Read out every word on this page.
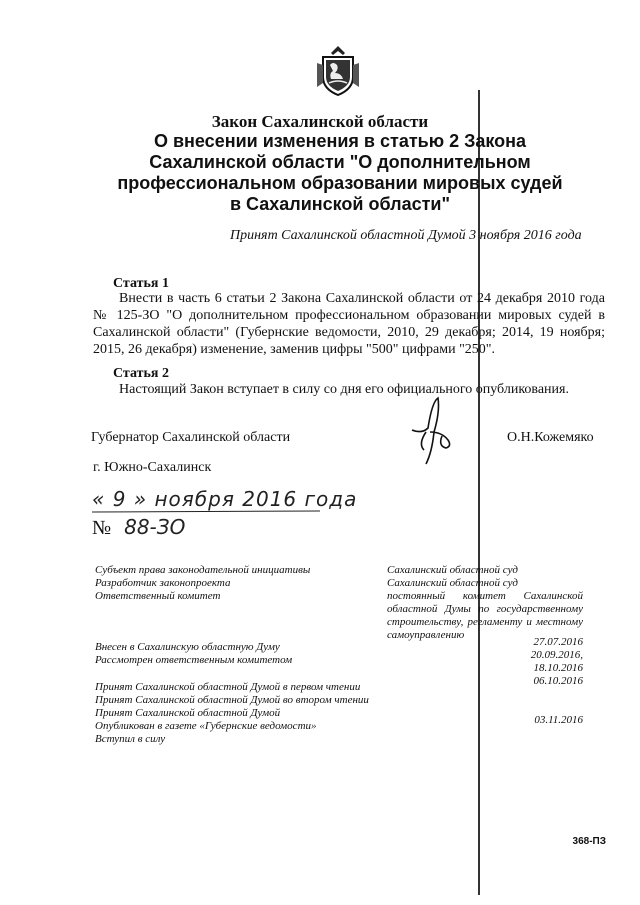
Закон Сахалинской области
О внесении изменения в статью 2 Закона
Сахалинской области "О дополнительном
профессиональном образовании мировых судей
в Сахалинской области"
Принят Сахалинской областной Думой 3 ноября 2016 года
Статья 1
Внести в часть 6 статьи 2 Закона Сахалинской области от 24 декабря 2010 года № 125-ЗО "О дополнительном профессиональном образовании мировых судей в Сахалинской области" (Губернские ведомости, 2010, 29 декабря; 2014, 19 ноября; 2015, 26 декабря) изменение, заменив цифры "500" цифрами "250".
Статья 2
Настоящий Закон вступает в силу со дня его официального опубликования.
Губернатор Сахалинской области	О.Н.Кожемяко
г. Южно-Сахалинск
« 9 » ноября 2016 года
№ 88-ЗО
Субъект права законодательной инициативы
Разработчик законопроекта
Ответственный комитет
Сахалинский областной суд
Сахалинский областной суд
постоянный комитет Сахалинской областной Думы по государственному строительству, регламенту и местному самоуправлению
Внесен в Сахалинскую областную Думу
Рассмотрен ответственным комитетом
Принят Сахалинской областной Думой в первом чтении
Принят Сахалинской областной Думой во втором чтении
Принят Сахалинской областной Думой
Опубликован в газете «Губернские ведомости»
Вступил в силу
27.07.2016
20.09.2016,
18.10.2016
06.10.2016
03.11.2016
368-ПЗ
